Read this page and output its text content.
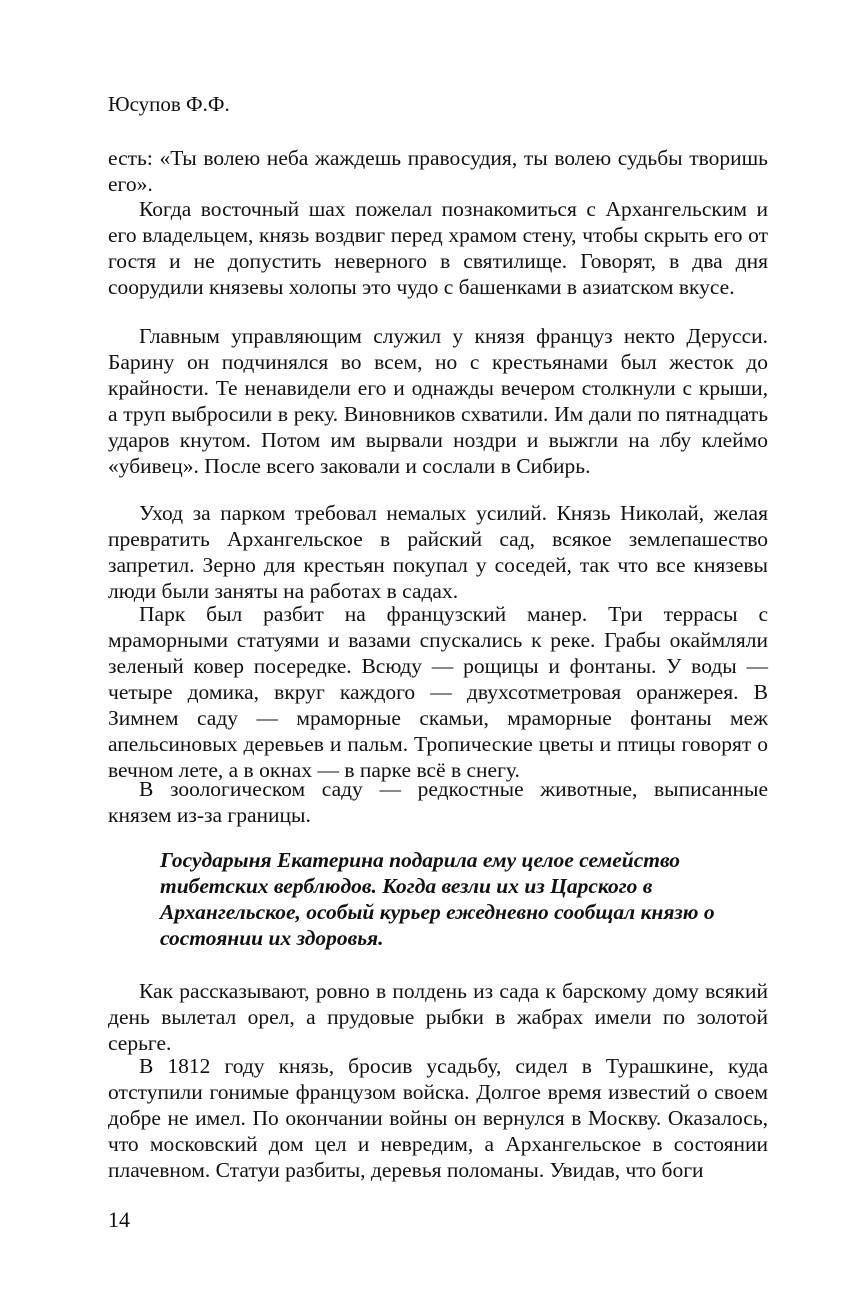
Юсупов Ф.Ф.

есть: «Ты волею неба жаждешь правосудия, ты волею судьбы творишь его».

Когда восточный шах пожелал познакомиться с Архангельским и его владельцем, князь воздвиг перед храмом стену, чтобы скрыть его от гостя и не допустить неверного в святилище. Говорят, в два дня соорудили князевы холопы это чудо с башенками в азиатском вкусе.

Главным управляющим служил у князя француз некто Деруcси. Барину он подчинялся во всем, но с крестьянами был жесток до крайности. Те ненавидели его и однажды вечером столкнули с крыши, а труп выбросили в реку. Виновников схватили. Им дали по пятнадцать ударов кнутом. Потом им вырвали ноздри и выжгли на лбу клеймо «убивец». После всего заковали и сослали в Сибирь.

Уход за парком требовал немалых усилий. Князь Николай, желая превратить Архангельское в райский сад, всякое землепашество запретил. Зерно для крестьян покупал у соседей, так что все князевы люди были заняты на работах в садах.

Парк был разбит на французский манер. Три террасы с мраморными статуями и вазами спускались к реке. Грабы окаймляли зеленый ковер посередке. Всюду — рощицы и фонтаны. У воды — четыре домика, вкруг каждого — двухсотметровая оранжерея. В Зимнем саду — мраморные скамьи, мраморные фонтаны меж апельсиновых деревьев и пальм. Тропические цветы и птицы говорят о вечном лете, а в окнах — в парке всё в снегу.

В зоологическом саду — редкостные животные, выписанные князем из-за границы.

Государыня Екатерина подарила ему целое семейство тибетских верблюдов. Когда везли их из Царского в Архангельское, особый курьер ежедневно сообщал князю о состоянии их здоровья.

Как рассказывают, ровно в полдень из сада к барскому дому всякий день вылетал орел, а прудовые рыбки в жабрах имели по золотой серьге.

В 1812 году князь, бросив усадьбу, сидел в Турашкине, куда отступили гонимые французом войска. Долгое время известий о своем добре не имел. По окончании войны он вернулся в Москву. Оказалось, что московский дом цел и невредим, а Архангельское в состоянии плачевном. Статуи разбиты, деревья поломаны. Увидав, что боги

14
